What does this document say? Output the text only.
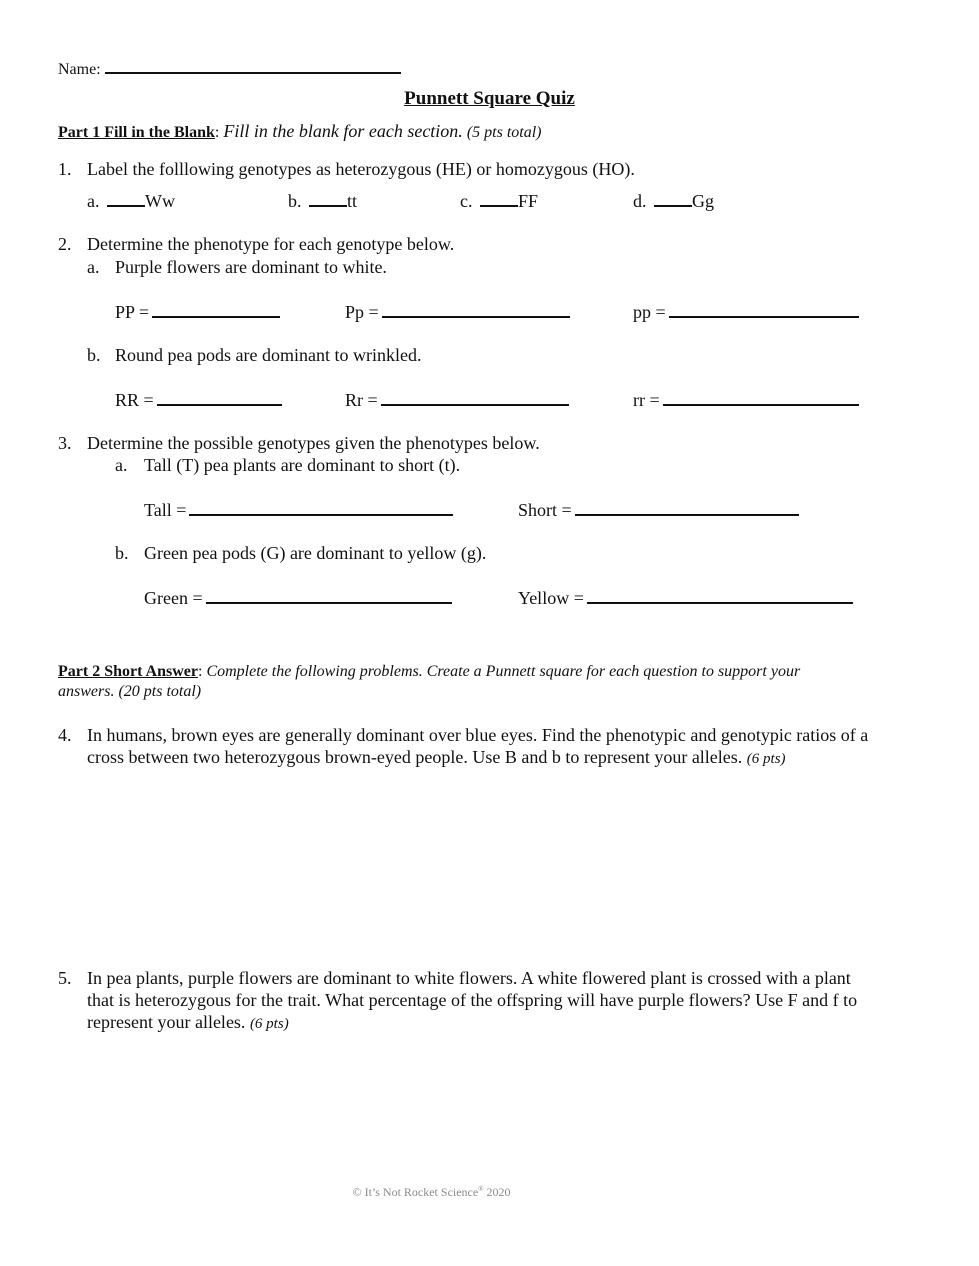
Name:
Punnett Square Quiz
Part 1 Fill in the Blank: Fill in the blank for each section. (5 pts total)
1. Label the folllowing genotypes as heterozygous (HE) or homozygous (HO).
a.	Ww	b.	tt	c.	FF	d.	Gg
2. Determine the phenotype for each genotype below.
a. Purple flowers are dominant to white.
PP =	Pp =	pp =
b. Round pea pods are dominant to wrinkled.
RR =	Rr =	rr =
3. Determine the possible genotypes given the phenotypes below.
a. Tall (T) pea plants are dominant to short (t).
Tall =	Short =
b. Green pea pods (G) are dominant to yellow (g).
Green =	Yellow =
Part 2 Short Answer: Complete the following problems. Create a Punnett square for each question to support your
answers. (20 pts total)
4. In humans, brown eyes are generally dominant over blue eyes. Find the phenotypic and genotypic ratios of a
cross between two heterozygous brown-eyed people. Use B and b to represent your alleles. (6 pts)
5. In pea plants, purple flowers are dominant to white flowers. A white flowered plant is crossed with a plant
that is heterozygous for the trait. What percentage of the offspring will have purple flowers? Use F and f to
represent your alleles. (6 pts)
© It’s Not Rocket Science® 2020
